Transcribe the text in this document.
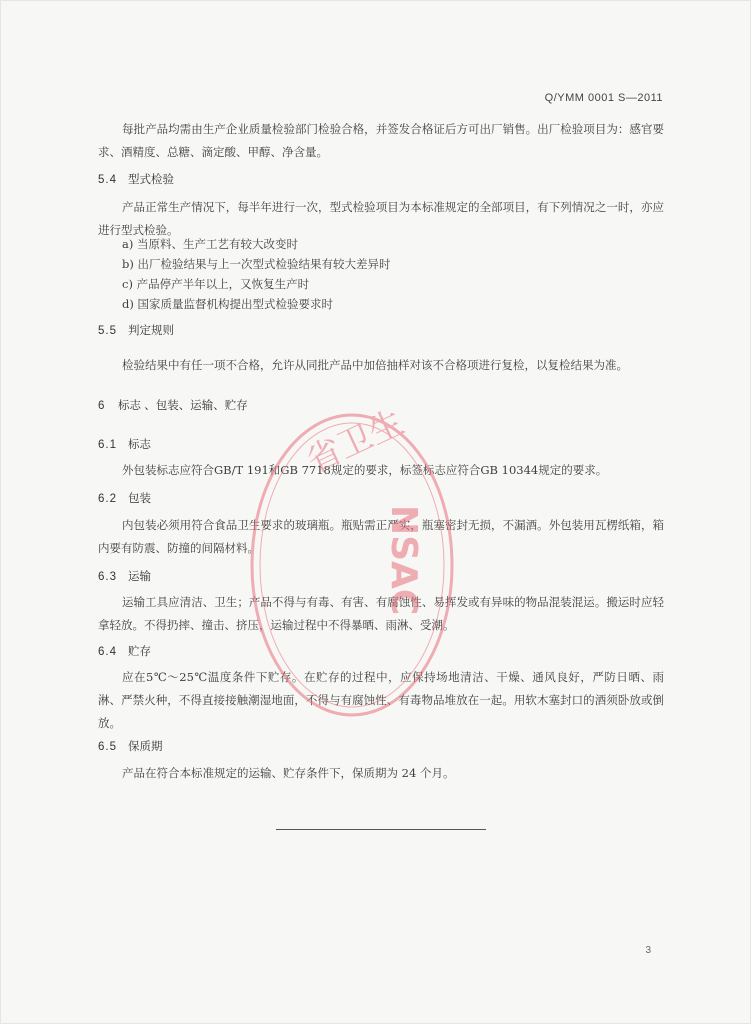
Q/YMM 0001 S—2011
每批产品均需由生产企业质量检验部门检验合格，并签发合格证后方可出厂销售。出厂检验项目为：感官要求、酒精度、总糖、滴定酸、甲醇、净含量。
5.4 型式检验
产品正常生产情况下，每半年进行一次，型式检验项目为本标准规定的全部项目，有下列情况之一时，亦应进行型式检验。
a) 当原料、生产工艺有较大改变时
b) 出厂检验结果与上一次型式检验结果有较大差异时
c) 产品停产半年以上，又恢复生产时
d) 国家质量监督机构提出型式检验要求时
5.5 判定规则
检验结果中有任一项不合格，允许从同批产品中加倍抽样对该不合格项进行复检，以复检结果为准。
6 标志 、包装、运输、贮存
6.1 标志
外包装标志应符合GB/T 191和GB 7718规定的要求，标签标志应符合GB 10344规定的要求。
6.2 包装
内包装必须用符合食品卫生要求的玻璃瓶。瓶贴需正严实，瓶塞密封无损，不漏酒。外包装用瓦楞纸箱，箱内要有防震、防撞的间隔材料。
6.3 运输
运输工具应清洁、卫生；产品不得与有毒、有害、有腐蚀性、易挥发或有异味的物品混装混运。搬运时应轻拿轻放。不得扔摔、撞击、挤压，运输过程中不得暴晒、雨淋、受潮。
6.4 贮存
应在5℃～25℃温度条件下贮存。在贮存的过程中，应保持场地清洁、干燥、通风良好，严防日晒、雨淋、严禁火种，不得直接接触潮湿地面，不得与有腐蚀性、有毒物品堆放在一起。用软木塞封口的酒须卧放或倒放。
6.5 保质期
产品在符合本标准规定的运输、贮存条件下，保质期为 24 个月。
3
省卫生
NSAC
